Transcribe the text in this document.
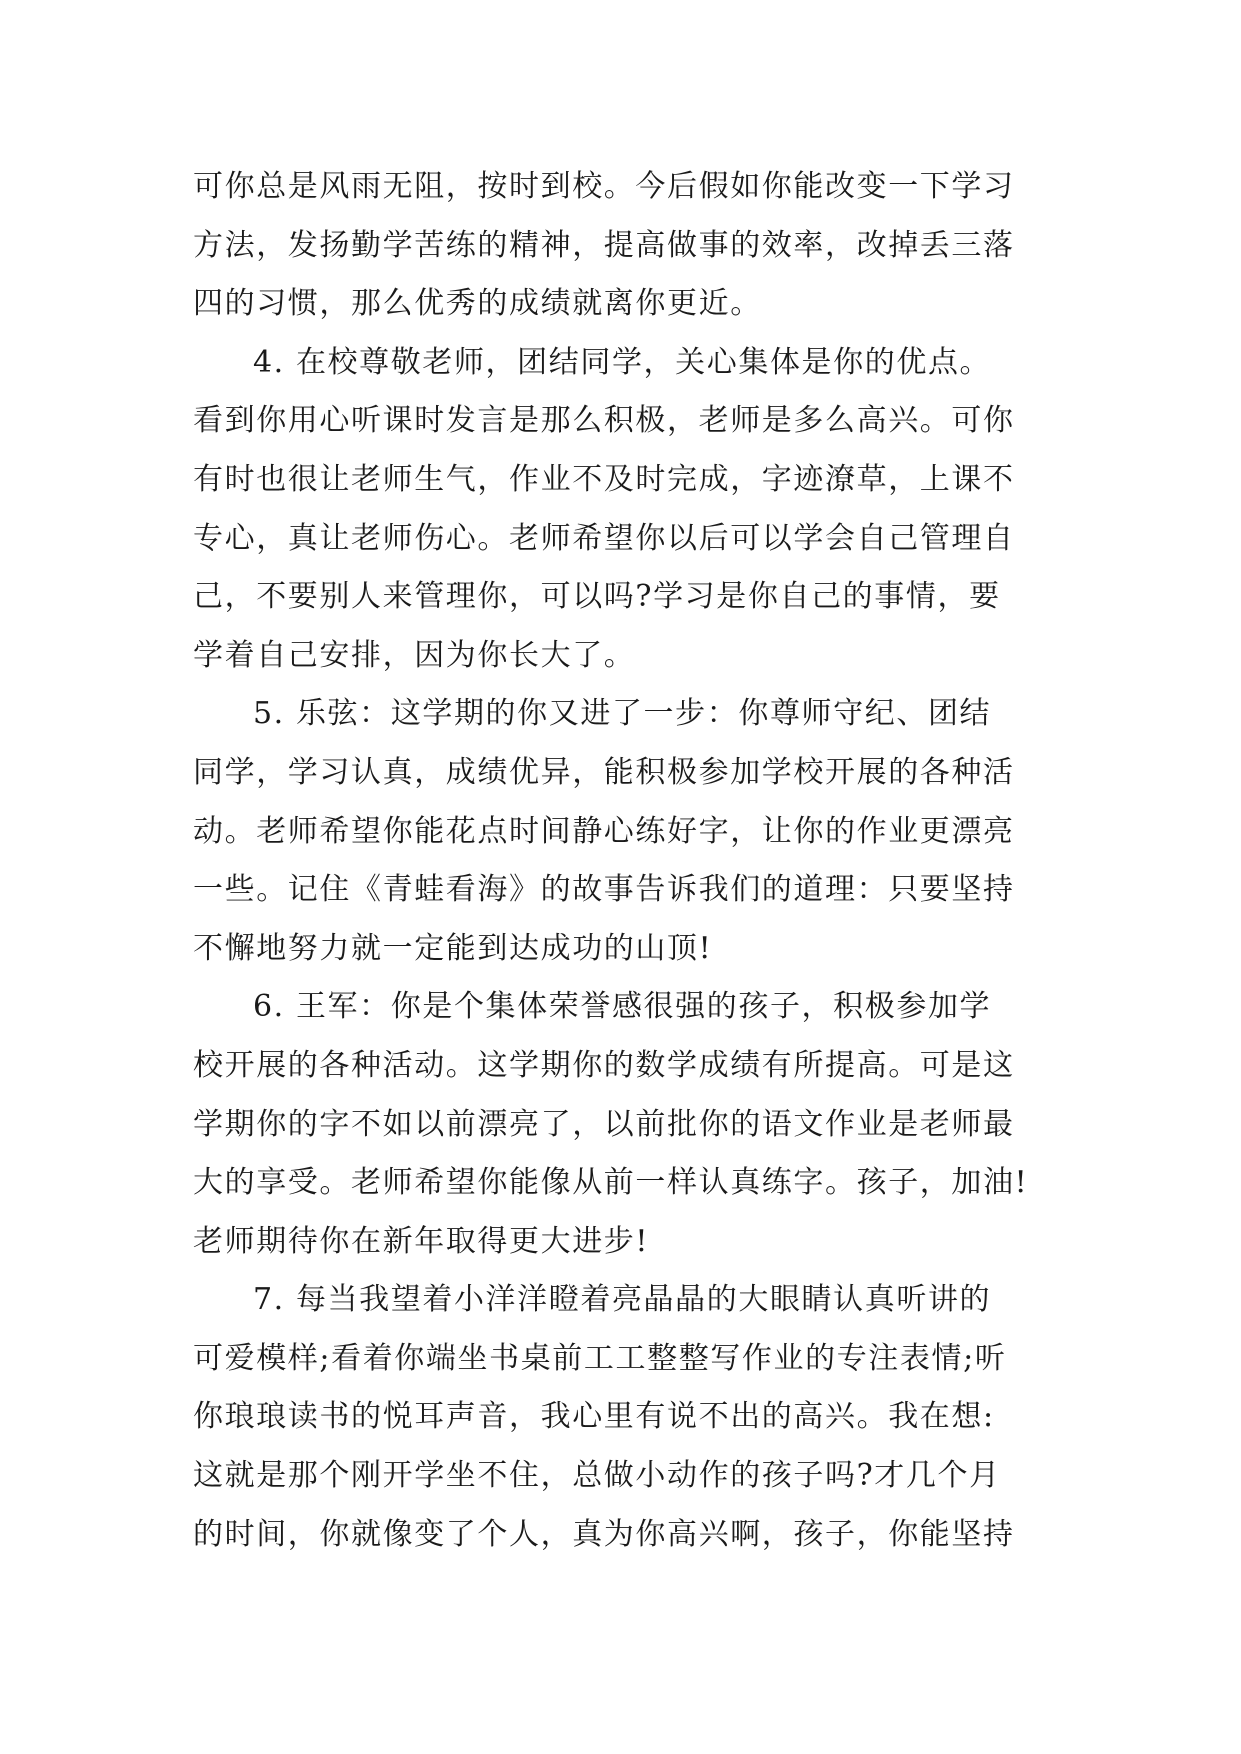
可你总是风雨无阻，按时到校。今后假如你能改变一下学习
方法，发扬勤学苦练的精神，提高做事的效率，改掉丢三落
四的习惯，那么优秀的成绩就离你更近。
4. 在校尊敬老师，团结同学，关心集体是你的优点。
看到你用心听课时发言是那么积极，老师是多么高兴。可你
有时也很让老师生气，作业不及时完成，字迹潦草，上课不
专心，真让老师伤心。老师希望你以后可以学会自己管理自
己，不要别人来管理你，可以吗?学习是你自己的事情，要
学着自己安排，因为你长大了。
5. 乐弦：这学期的你又进了一步：你尊师守纪、团结
同学，学习认真，成绩优异，能积极参加学校开展的各种活
动。老师希望你能花点时间静心练好字，让你的作业更漂亮
一些。记住《青蛙看海》的故事告诉我们的道理：只要坚持
不懈地努力就一定能到达成功的山顶!
6. 王军：你是个集体荣誉感很强的孩子，积极参加学
校开展的各种活动。这学期你的数学成绩有所提高。可是这
学期你的字不如以前漂亮了，以前批你的语文作业是老师最
大的享受。老师希望你能像从前一样认真练字。孩子，加油!
老师期待你在新年取得更大进步!
7. 每当我望着小洋洋瞪着亮晶晶的大眼睛认真听讲的
可爱模样;看着你端坐书桌前工工整整写作业的专注表情;听
你琅琅读书的悦耳声音，我心里有说不出的高兴。我在想:
这就是那个刚开学坐不住，总做小动作的孩子吗?才几个月
的时间，你就像变了个人，真为你高兴啊，孩子，你能坚持
